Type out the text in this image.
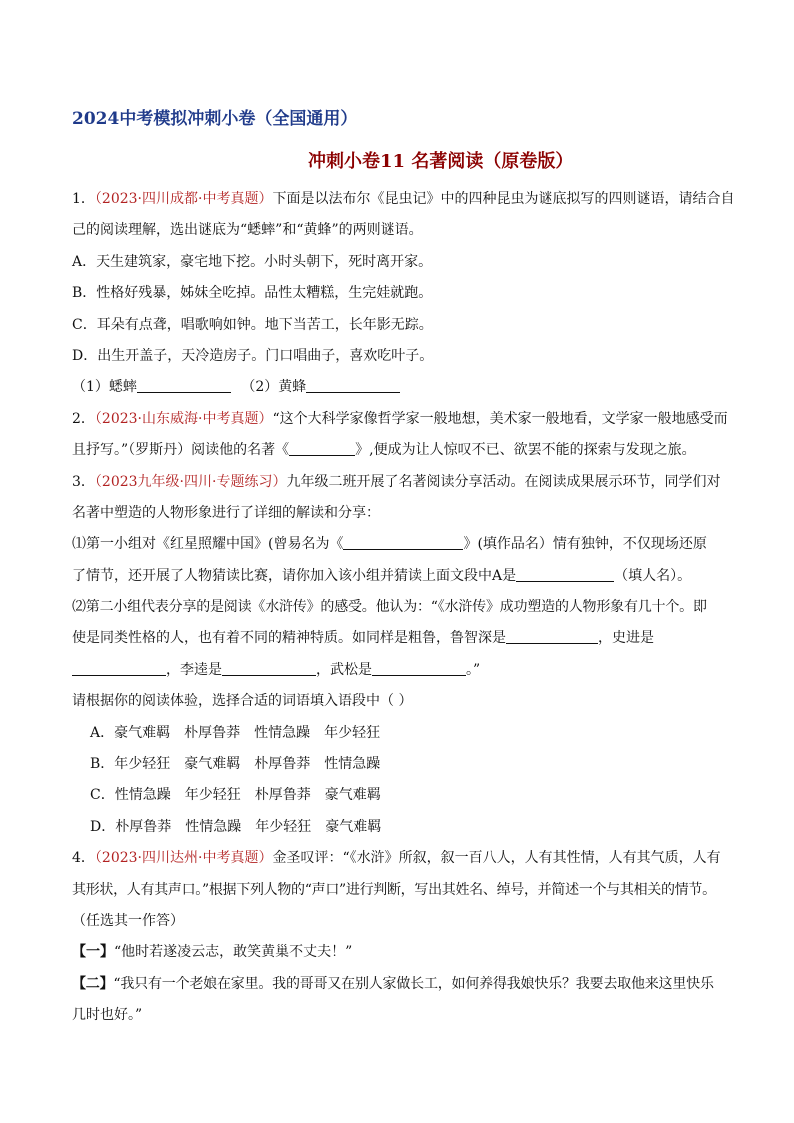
2024中考模拟冲刺小卷（全国通用）
冲刺小卷11 名著阅读（原卷版）
1．（2023·四川成都·中考真题）下面是以法布尔《昆虫记》中的四种昆虫为谜底拟写的四则谜语，请结合自
己的阅读理解，选出谜底为“蟋蟀”和“黄蜂”的两则谜语。
A．天生建筑家，豪宅地下挖。小时头朝下，死时离开家。
B．性格好残暴，姊妹全吃掉。品性太糟糕，生完娃就跑。
C．耳朵有点聋，唱歌响如钟。地下当苦工，长年影无踪。
D．出生开盖子，天冷造房子。门口唱曲子，喜欢吃叶子。
（1）蟋蟀	（2）黄蜂
2．（2023·山东威海·中考真题）“这个大科学家像哲学家一般地想，美术家一般地看，文学家一般地感受而
且抒写。”（罗斯丹）阅读他的名著《	》,便成为让人惊叹不已、欲罢不能的探索与发现之旅。
3．（2023九年级·四川·专题练习）九年级二班开展了名著阅读分享活动。在阅读成果展示环节，同学们对
名著中塑造的人物形象进行了详细的解读和分享：
⑴第一小组对《红星照耀中国》(曾易名为《	》(填作品名）情有独钟，不仅现场还原
了情节，还开展了人物猜读比赛，请你加入该小组并猜读上面文段中A是	（填人名）。
⑵第二小组代表分享的是阅读《水浒传》的感受。他认为：“《水浒传》成功塑造的人物形象有几十个。即
使是同类性格的人，也有着不同的精神特质。如同样是粗鲁，鲁智深是	，史进是
，李逵是	，武松是	。”
请根据你的阅读体验，选择合适的词语填入语段中（ ）
A．豪气难羁　朴厚鲁莽　性情急躁　年少轻狂
B．年少轻狂　豪气难羁　朴厚鲁莽　性情急躁
C．性情急躁　年少轻狂　朴厚鲁莽　豪气难羁
D．朴厚鲁莽　性情急躁　年少轻狂　豪气难羁
4．（2023·四川达州·中考真题）金圣叹评：“《水浒》所叙，叙一百八人，人有其性情，人有其气质，人有
其形状，人有其声口。”根据下列人物的“声口”进行判断，写出其姓名、绰号，并简述一个与其相关的情节。
（任选其一作答）
【一】“他时若遂凌云志，敢笑黄巢不丈夫！”
【二】“我只有一个老娘在家里。我的哥哥又在别人家做长工，如何养得我娘快乐？我要去取他来这里快乐
几时也好。”
